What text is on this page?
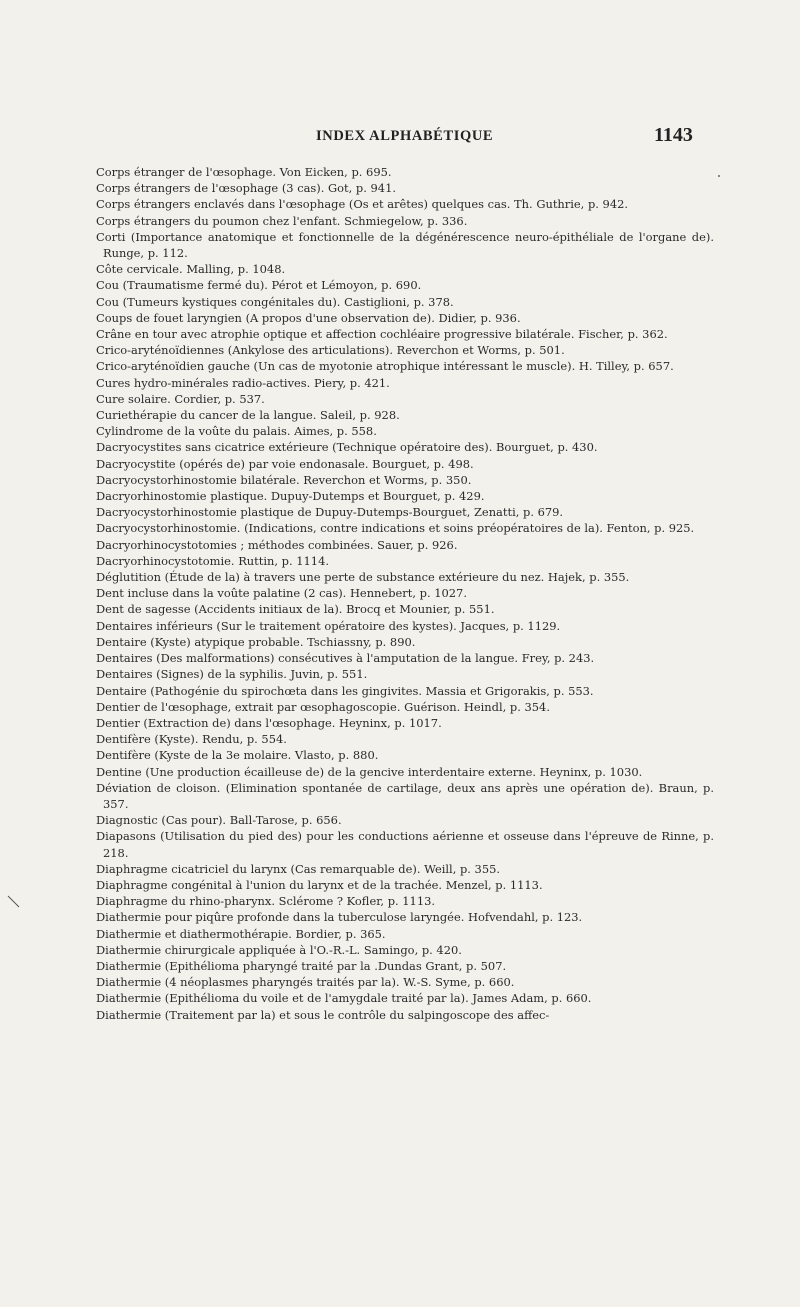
INDEX ALPHABÉTIQUE	1143
Corps étranger de l'œsophage. Von Eicken, p. 695.
Corps étrangers de l'œsophage (3 cas). Got, p. 941.
Corps étrangers enclavés dans l'œsophage (Os et arêtes) quelques cas. Th. Guthrie, p. 942.
Corps étrangers du poumon chez l'enfant. Schmiegelow, p. 336.
Corti (Importance anatomique et fonctionnelle de la dégénérescence neuro-épithéliale de l'organe de). Runge, p. 112.
Côte cervicale. Malling, p. 1048.
Cou (Traumatisme fermé du). Pérot et Lémoyon, p. 690.
Cou (Tumeurs kystiques congénitales du). Castiglioni, p. 378.
Coups de fouet laryngien (A propos d'une observation de). Didier, p. 936.
Crâne en tour avec atrophie optique et affection cochléaire progressive bilatérale. Fischer, p. 362.
Crico-aryténoïdiennes (Ankylose des articulations). Reverchon et Worms, p. 501.
Crico-aryténoïdien gauche (Un cas de myotonie atrophique intéressant le muscle). H. Tilley, p. 657.
Cures hydro-minérales radio-actives. Piery, p. 421.
Cure solaire. Cordier, p. 537.
Curiethérapie du cancer de la langue. Saleil, p. 928.
Cylindrome de la voûte du palais. Aimes, p. 558.
Dacryocystites sans cicatrice extérieure (Technique opératoire des). Bourguet, p. 430.
Dacryocystite (opérés de) par voie endonasale. Bourguet, p. 498.
Dacryocystorhinostomie bilatérale. Reverchon et Worms, p. 350.
Dacryorhinostomie plastique. Dupuy-Dutemps et Bourguet, p. 429.
Dacryocystorhinostomie plastique de Dupuy-Dutemps-Bourguet, Zenatti, p. 679.
Dacryocystorhinostomie. (Indications, contre indications et soins préopératoires de la). Fenton, p. 925.
Dacryorhinocystotomies ; méthodes combinées. Sauer, p. 926.
Dacryorhinocystotomie. Ruttin, p. 1114.
Déglutition (Étude de la) à travers une perte de substance extérieure du nez. Hajek, p. 355.
Dent incluse dans la voûte palatine (2 cas). Hennebert, p. 1027.
Dent de sagesse (Accidents initiaux de la). Brocq et Mounier, p. 551.
Dentaires inférieurs (Sur le traitement opératoire des kystes). Jacques, p. 1129.
Dentaire (Kyste) atypique probable. Tschiassny, p. 890.
Dentaires (Des malformations) consécutives à l'amputation de la langue. Frey, p. 243.
Dentaires (Signes) de la syphilis. Juvin, p. 551.
Dentaire (Pathogénie du spirochœta dans les gingivites. Massia et Grigorakis, p. 553.
Dentier de l'œsophage, extrait par œsophagoscopie. Guérison. Heindl, p. 354.
Dentier (Extraction de) dans l'œsophage. Heyninx, p. 1017.
Dentifère (Kyste). Rendu, p. 554.
Dentifère (Kyste de la 3e molaire. Vlasto, p. 880.
Dentine (Une production écailleuse de) de la gencive interdentaire externe. Heyninx, p. 1030.
Déviation de cloison. (Elimination spontanée de cartilage, deux ans après une opération de). Braun, p. 357.
Diagnostic (Cas pour). Ball-Tarose, p. 656.
Diapasons (Utilisation du pied des) pour les conductions aérienne et osseuse dans l'épreuve de Rinne, p. 218.
Diaphragme cicatriciel du larynx (Cas remarquable de). Weill, p. 355.
Diaphragme congénital à l'union du larynx et de la trachée. Menzel, p. 1113.
Diaphragme du rhino-pharynx. Sclérome ? Kofler, p. 1113.
Diathermie pour piqûre profonde dans la tuberculose laryngée. Hofvendahl, p. 123.
Diathermie et diathermothérapie. Bordier, p. 365.
Diathermie chirurgicale appliquée à l'O.-R.-L. Samingo, p. 420.
Diathermie (Epithélioma pharyngé traité par la .Dundas Grant, p. 507.
Diathermie (4 néoplasmes pharyngés traités par la). W.-S. Syme, p. 660.
Diathermie (Epithélioma du voile et de l'amygdale traité par la). James Adam, p. 660.
Diathermie (Traitement par la) et sous le contrôle du salpingoscope des affec-
